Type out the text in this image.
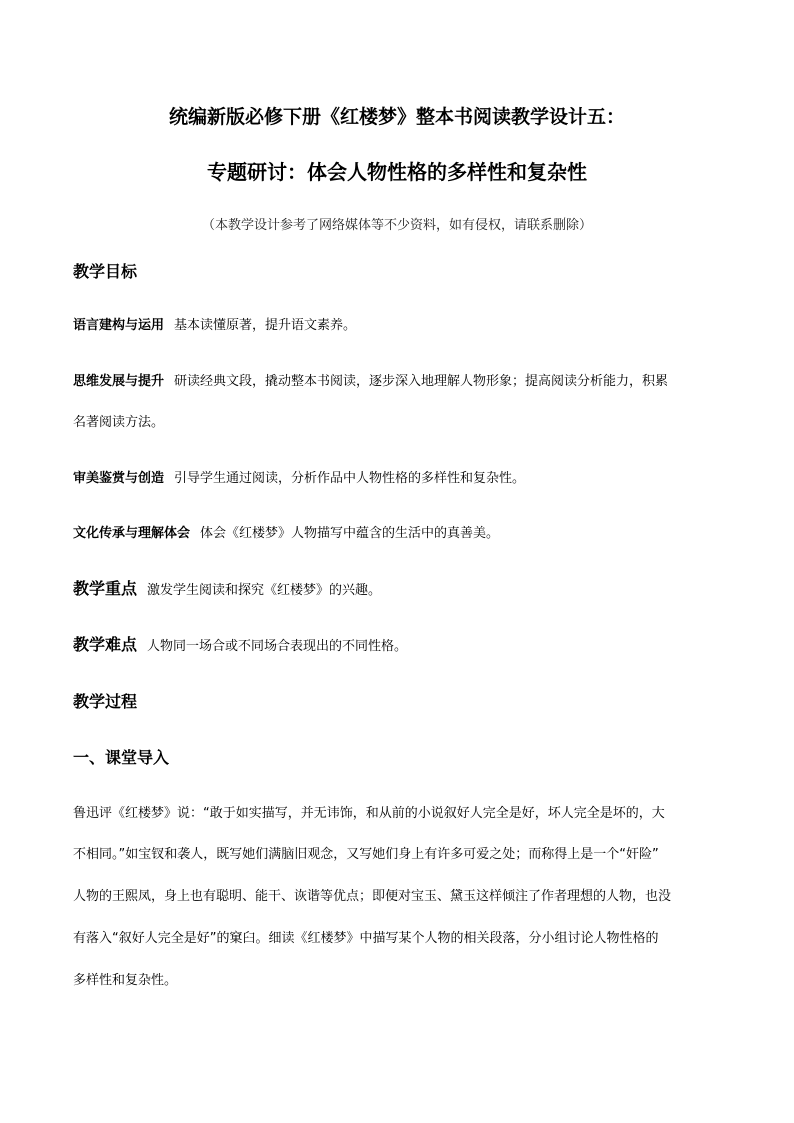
统编新版必修下册《红楼梦》整本书阅读教学设计五：
专题研讨：体会人物性格的多样性和复杂性
（本教学设计参考了网络媒体等不少资料，如有侵权，请联系删除）
教学目标
语言建构与运用 基本读懂原著，提升语文素养。
思维发展与提升 研读经典文段，撬动整本书阅读，逐步深入地理解人物形象；提高阅读分析能力，积累
名著阅读方法。
审美鉴赏与创造 引导学生通过阅读，分析作品中人物性格的多样性和复杂性。
文化传承与理解体会 体会《红楼梦》人物描写中蕴含的生活中的真善美。
教学重点 激发学生阅读和探究《红楼梦》的兴趣。
教学难点 人物同一场合或不同场合表现出的不同性格。
教学过程
一、课堂导入
鲁迅评《红楼梦》说：“敢于如实描写，并无讳饰，和从前的小说叙好人完全是好，坏人完全是坏的，大
不相同。”如宝钗和袭人，既写她们满脑旧观念，又写她们身上有许多可爱之处；而称得上是一个“奸险”
人物的王熙凤，身上也有聪明、能干、诙谐等优点；即便对宝玉、黛玉这样倾注了作者理想的人物，也没
有落入“叙好人完全是好”的窠臼。细读《红楼梦》中描写某个人物的相关段落，分小组讨论人物性格的
多样性和复杂性。
